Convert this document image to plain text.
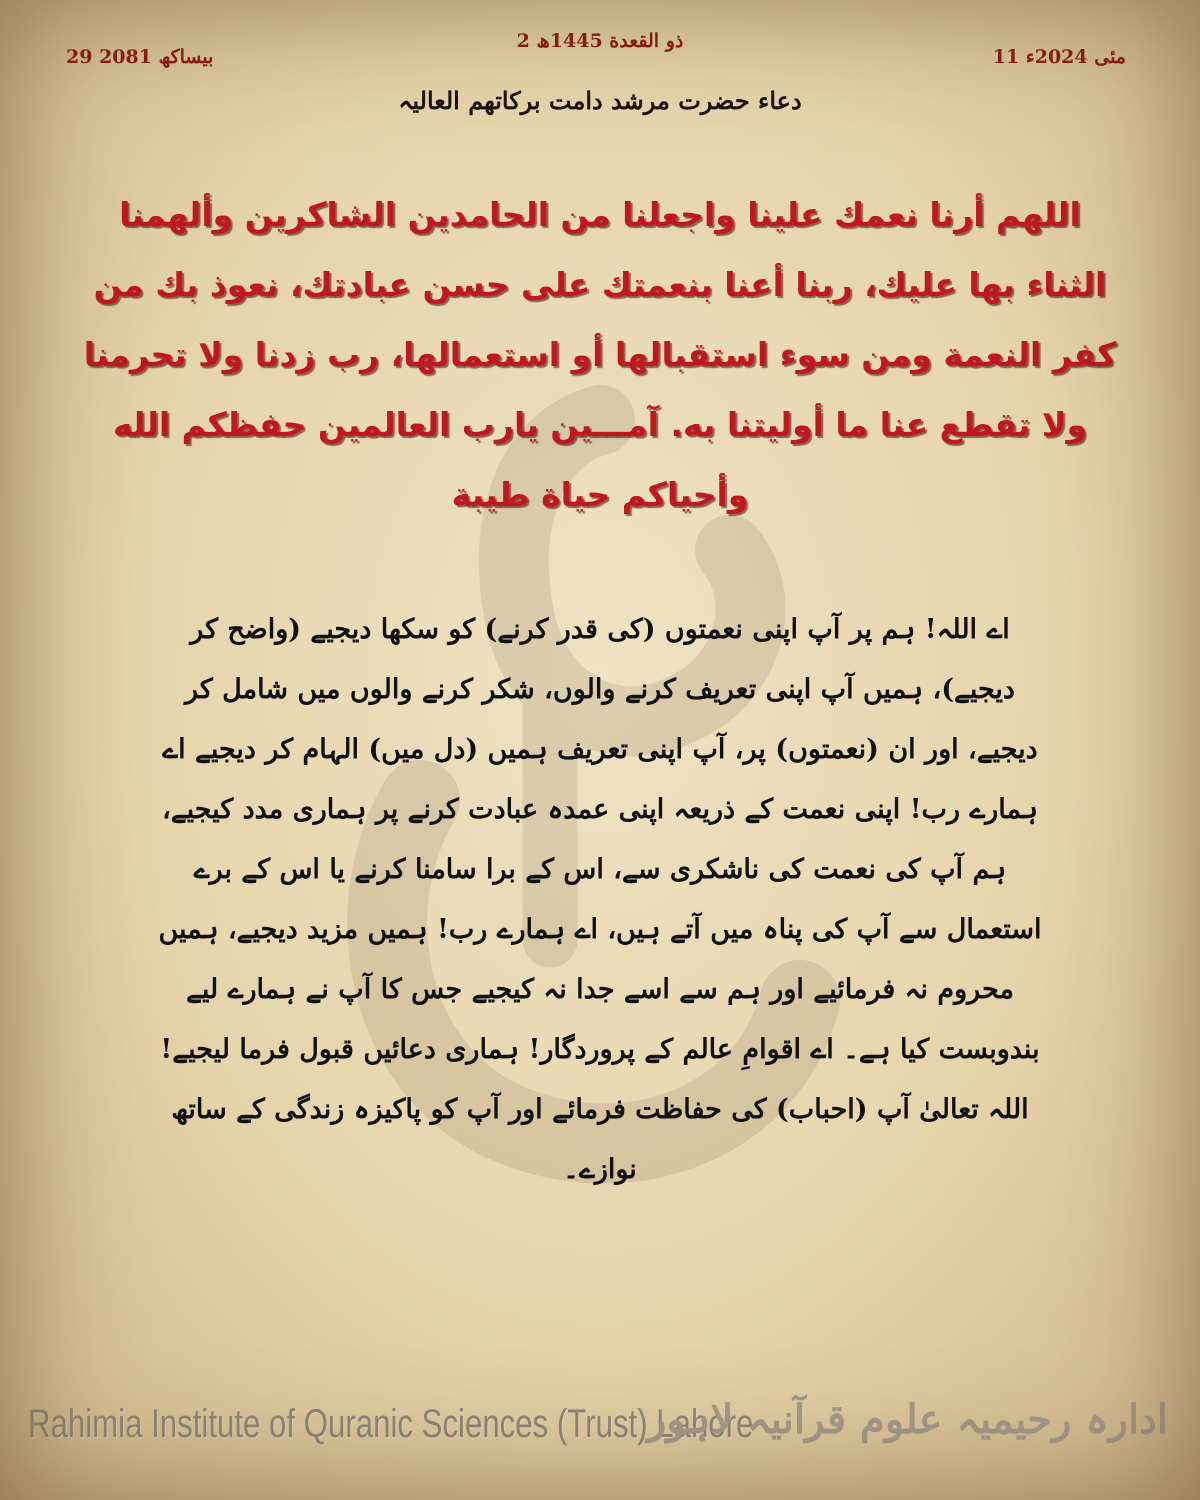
2 ذو القعدة 1445ھ
29 بیساکھ 2081	11 مئی 2024ء
دعاء حضرت مرشد دامت برکاتھم العالیہ
اللھم أرنا نعمك علينا واجعلنا من الحامدين الشاكرين وألھمنا الثناء بھا عليك، ربنا أعنا بنعمتك على حسن عبادتك، نعوذ بك من كفر النعمة ومن سوء استقبالھا أو استعمالھا، رب زدنا ولا تحرمنا ولا تقطع عنا ما أوليتنا به. آمـــين يارب العالمين حفظكم الله وأحياكم حياة طيبة
اے اللہ! ہم پر آپ اپنی نعمتوں (کی قدر کرنے) کو سکھا دیجیے (واضح کر دیجیے)، ہمیں آپ اپنی تعریف کرنے والوں، شکر کرنے والوں میں شامل کر دیجیے، اور ان (نعمتوں) پر، آپ اپنی تعریف ہمیں (دل میں) الہام کر دیجیے اے ہمارے رب! اپنی نعمت کے ذریعہ اپنی عمدہ عبادت کرنے پر ہماری مدد کیجیے، ہم آپ کی نعمت کی ناشکری سے، اس کے برا سامنا کرنے یا اس کے برے استعمال سے آپ کی پناہ میں آتے ہیں، اے ہمارے رب! ہمیں مزید دیجیے، ہمیں محروم نہ فرمائیے اور ہم سے اسے جدا نہ کیجیے جس کا آپ نے ہمارے لیے بندوبست کیا ہے۔ اے اقوامِ عالم کے پروردگار! ہماری دعائیں قبول فرما لیجیے! اللہ تعالیٰ آپ (احباب) کی حفاظت فرمائے اور آپ کو پاکیزہ زندگی کے ساتھ نوازے۔
Rahimia Institute of Quranic Sciences (Trust) Lahore
ادارہ رحیمیہ علوم قرآنیہ لاہور
